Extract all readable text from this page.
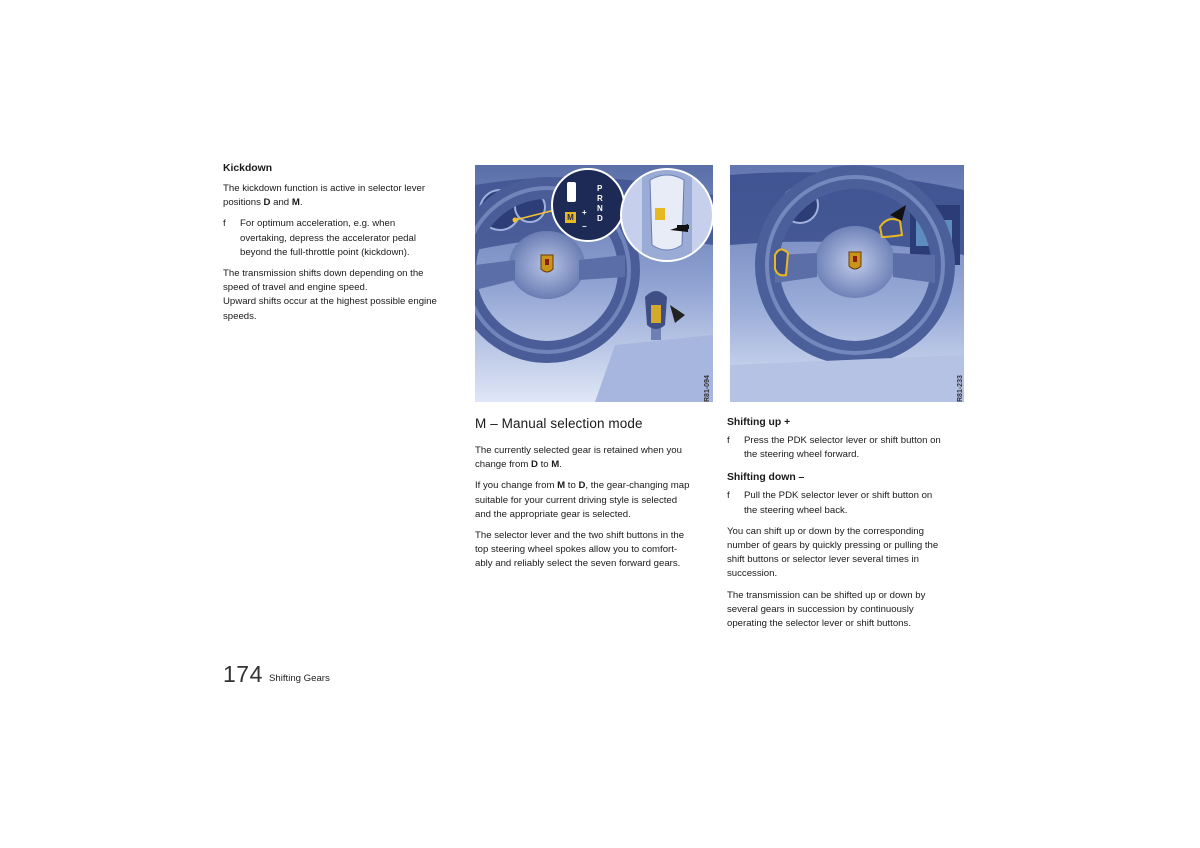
Kickdown

The kickdown function is active in selector lever
positions D and M.

f For optimum acceleration, e.g. when
overtaking, depress the accelerator pedal
beyond the full-throttle point (kickdown).

The transmission shifts down depending on the
speed of travel and engine speed.
Upward shifts occur at the highest possible engine
speeds.

M
+
−
P
R
N
D
R81-094	R81-233

M – Manual selection mode

The currently selected gear is retained when you
change from D to M.

If you change from M to D, the gear-changing map
suitable for your current driving style is selected
and the appropriate gear is selected.

The selector lever and the two shift buttons in the
top steering wheel spokes allow you to comfort-
ably and reliably select the seven forward gears.

Shifting up +

f Press the PDK selector lever or shift button on
the steering wheel forward.

Shifting down –

f Pull the PDK selector lever or shift button on
the steering wheel back.

You can shift up or down by the corresponding
number of gears by quickly pressing or pulling the
shift buttons or selector lever several times in
succession.

The transmission can be shifted up or down by
several gears in succession by continuously
operating the selector lever or shift buttons.

174 Shifting Gears
